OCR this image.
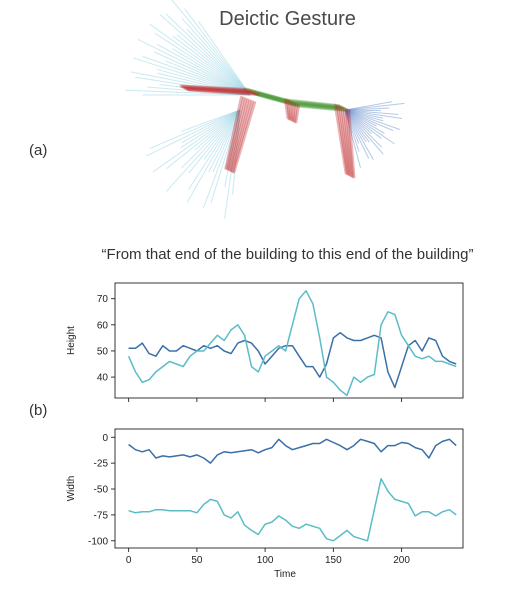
Deictic Gesture
(a)
(b)
“From that end of the building to this end of the building”
40
50
60
70
Height
0	50	100	150	200
0
-25
-50
-75
-100
Width
Time
